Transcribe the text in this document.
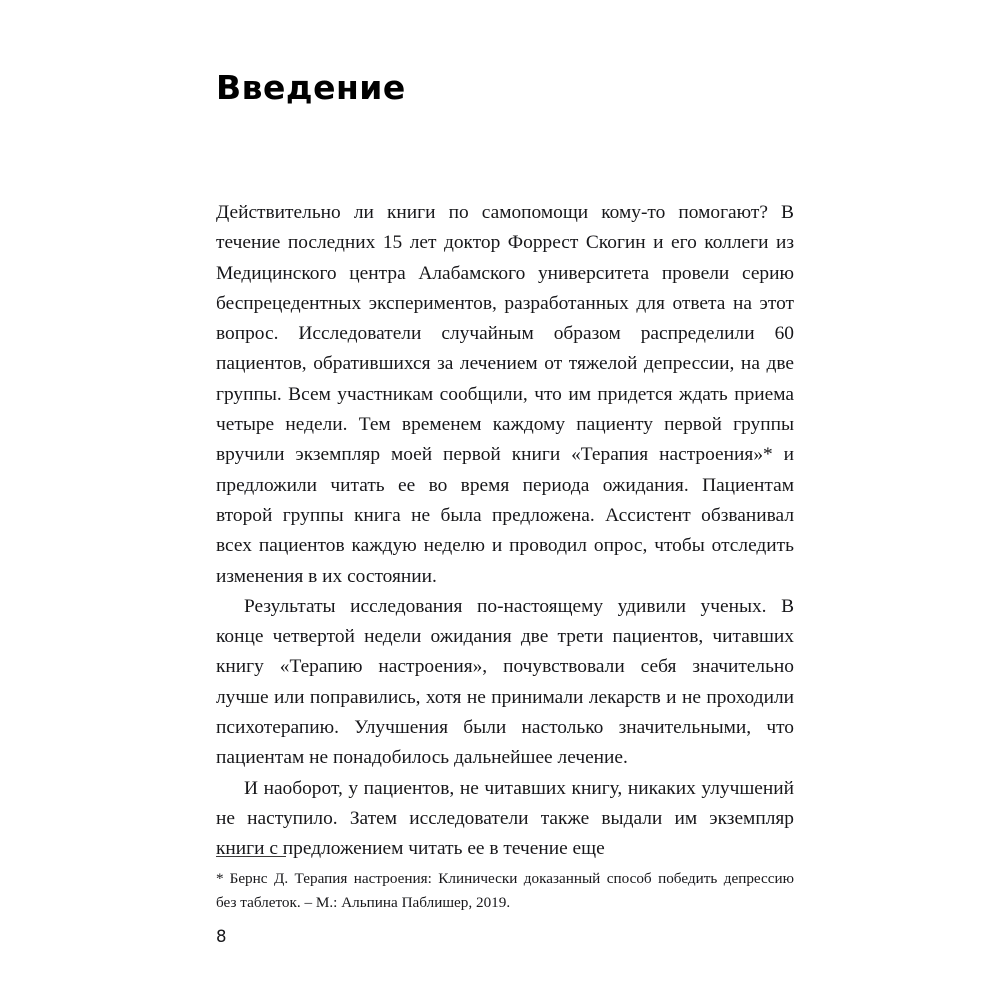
Введение

Действительно ли книги по самопомощи кому-то помогают? В течение последних 15 лет доктор Форрест Скогин и его коллеги из Медицинского центра Алабамского университета провели серию беспрецедентных экспериментов, разработанных для ответа на этот вопрос. Исследователи случайным образом распределили 60 пациентов, обратившихся за лечением от тяжелой депрессии, на две группы. Всем участникам сообщили, что им придется ждать приема четыре недели. Тем временем каждому пациенту первой группы вручили экземпляр моей первой книги «Терапия настроения»* и предложили читать ее во время периода ожидания. Пациентам второй группы книга не была предложена. Ассистент обзванивал всех пациентов каждую неделю и проводил опрос, чтобы отследить изменения в их состоянии.

Результаты исследования по-настоящему удивили ученых. В конце четвертой недели ожидания две трети пациентов, читавших книгу «Терапию настроения», почувствовали себя значительно лучше или поправились, хотя не принимали лекарств и не проходили психотерапию. Улучшения были настолько значительными, что пациентам не понадобилось дальнейшее лечение.

И наоборот, у пациентов, не читавших книгу, никаких улучшений не наступило. Затем исследователи также выдали им экземпляр книги с предложением читать ее в течение еще

* Бернс Д. Терапия настроения: Клинически доказанный способ победить депрессию без таблеток. – М.: Альпина Паблишер, 2019.
8
